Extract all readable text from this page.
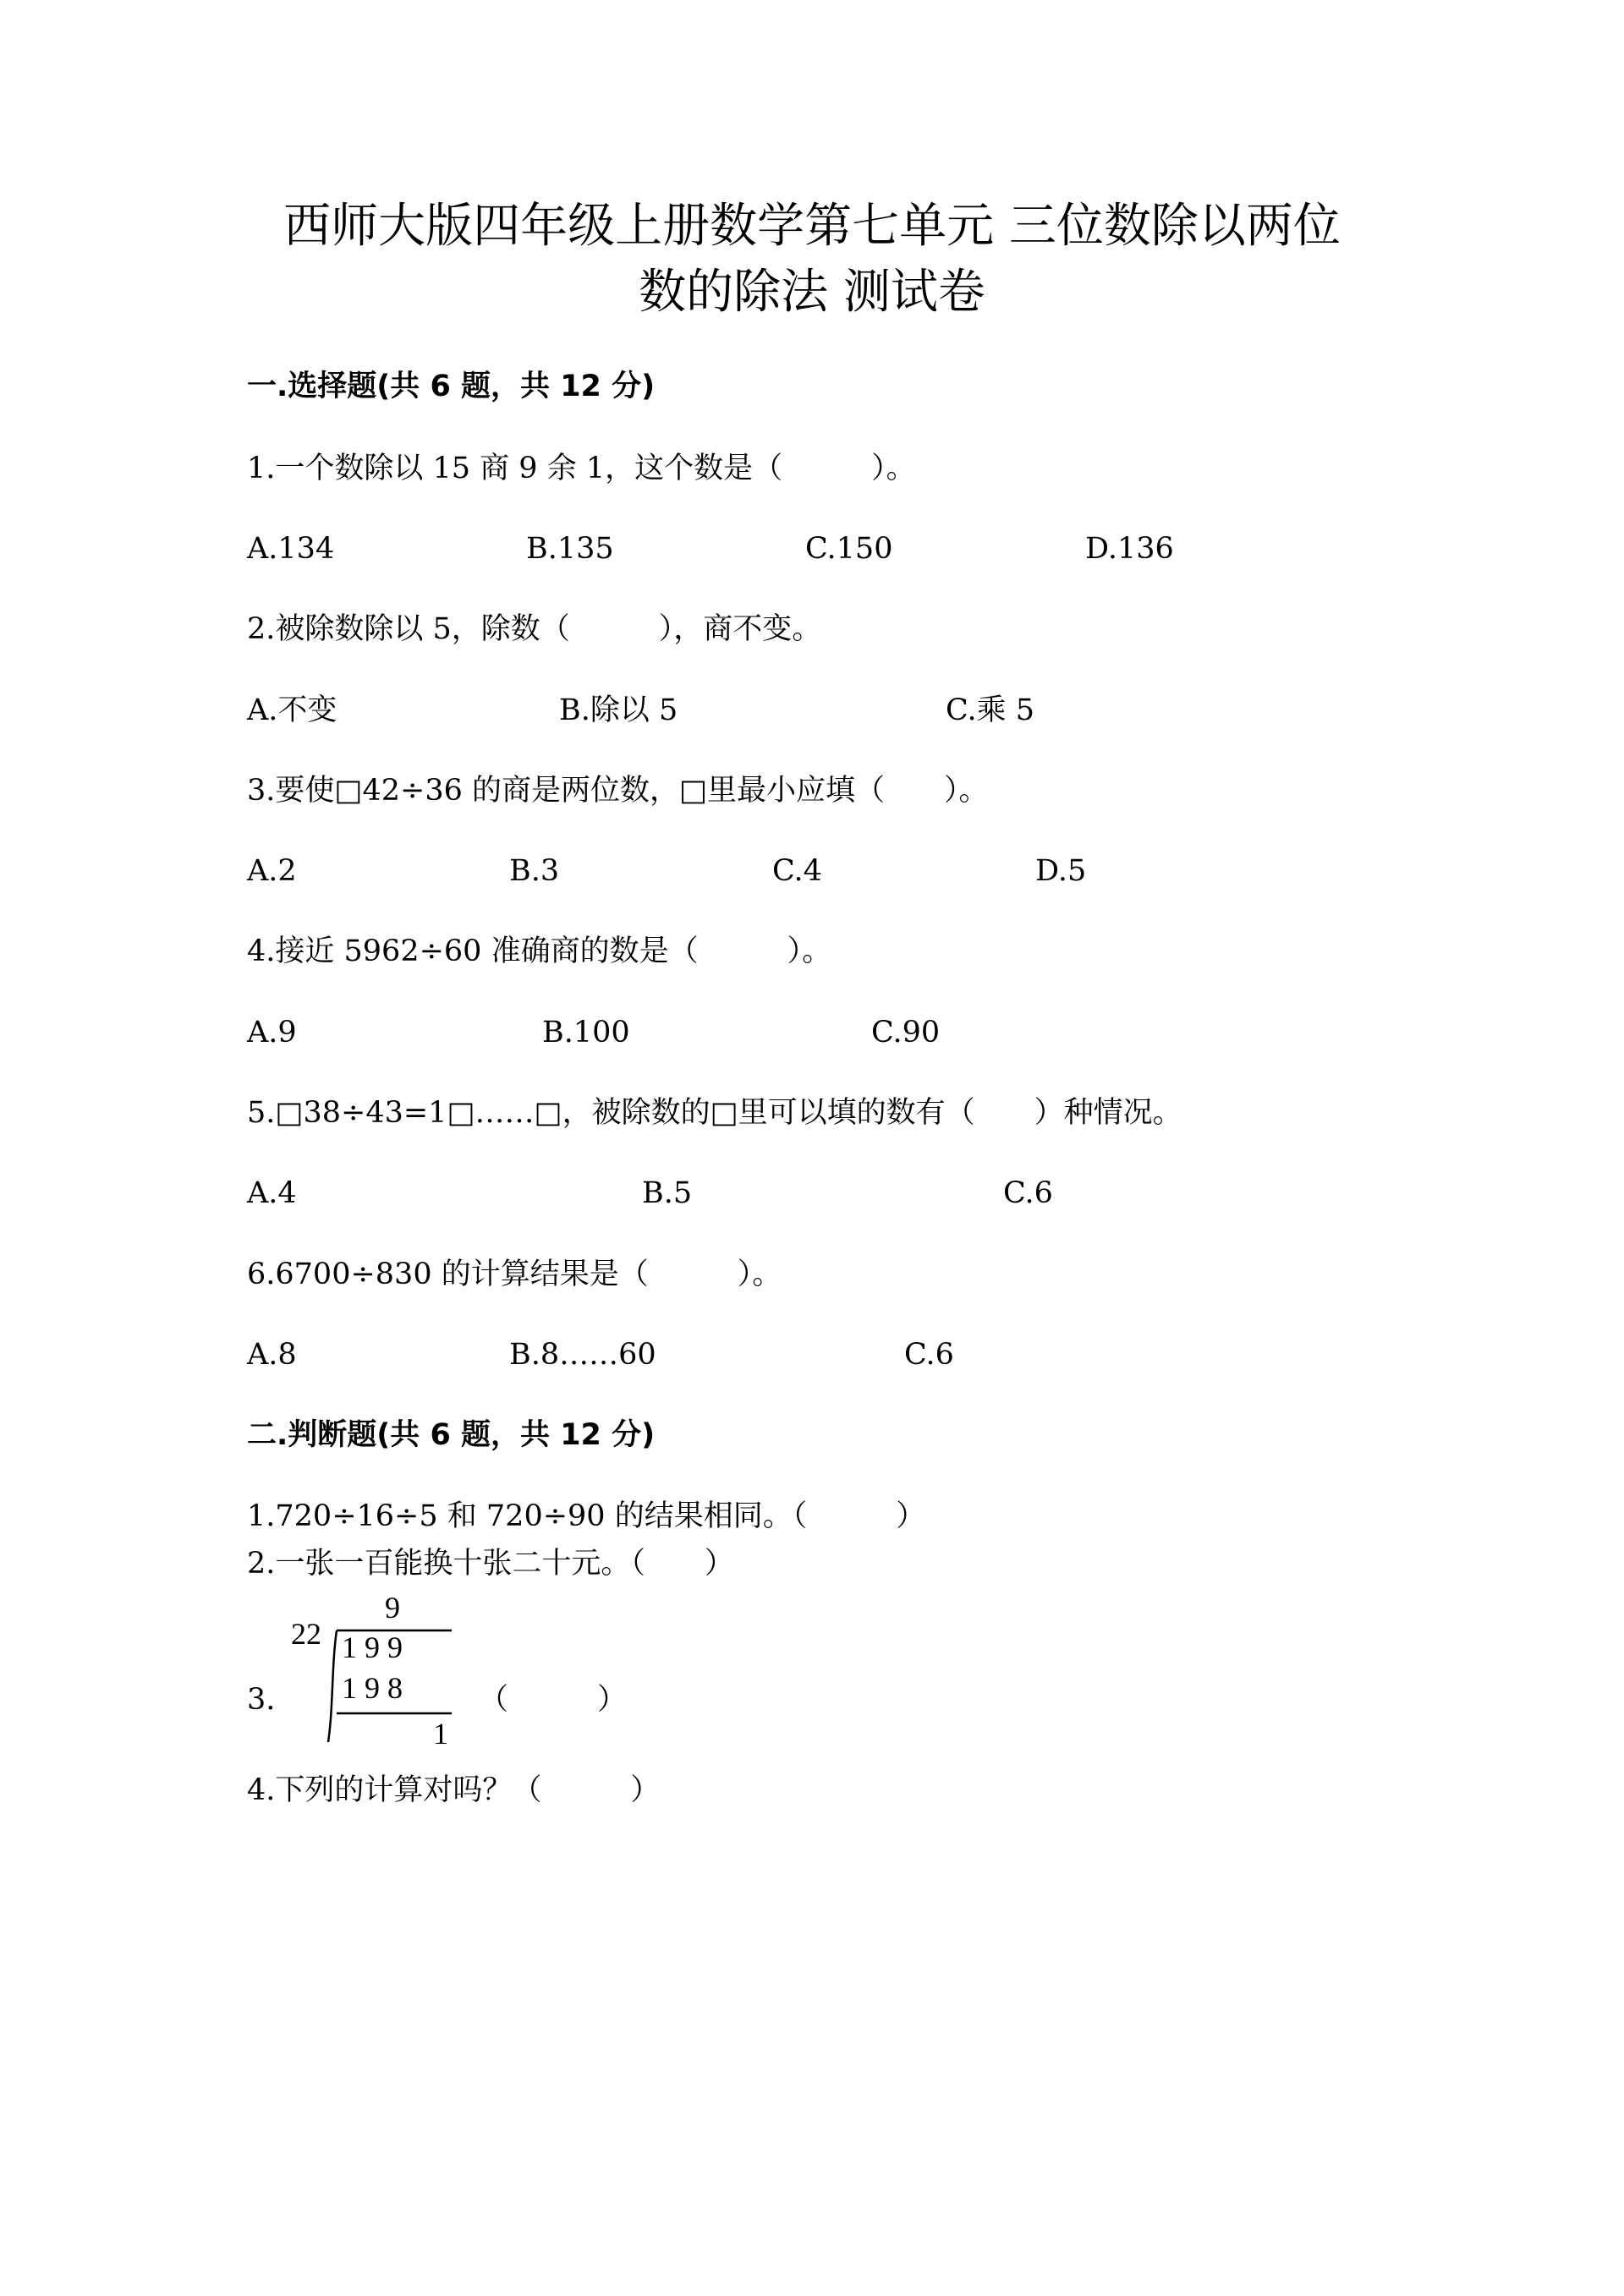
西师大版四年级上册数学第七单元 三位数除以两位
数的除法 测试卷
一.选择题(共 6 题，共 12 分)
1.一个数除以 15 商 9 余 1，这个数是（　　　）。
A.134	B.135	C.150	D.136
2.被除数除以 5，除数（　　　），商不变。
A.不变	B.除以 5	C.乘 5
3.要使□42÷36 的商是两位数，□里最小应填（　　）。
A.2	B.3	C.4	D.5
4.接近 5962÷60 准确商的数是（　　　）。
A.9	B.100	C.90
5.□38÷43=1□……□，被除数的□里可以填的数有（　　）种情况。
A.4	B.5	C.6
6.6700÷830 的计算结果是（　　　）。
A.8	B.8……60	C.6
二.判断题(共 6 题，共 12 分)
1.720÷16÷5 和 720÷90 的结果相同。（　　　）
2.一张一百能换十张二十元。（　　）
3.
9
22 1 9 9
1 9 8
1
（　　　）
4.下列的计算对吗？（　　　）
